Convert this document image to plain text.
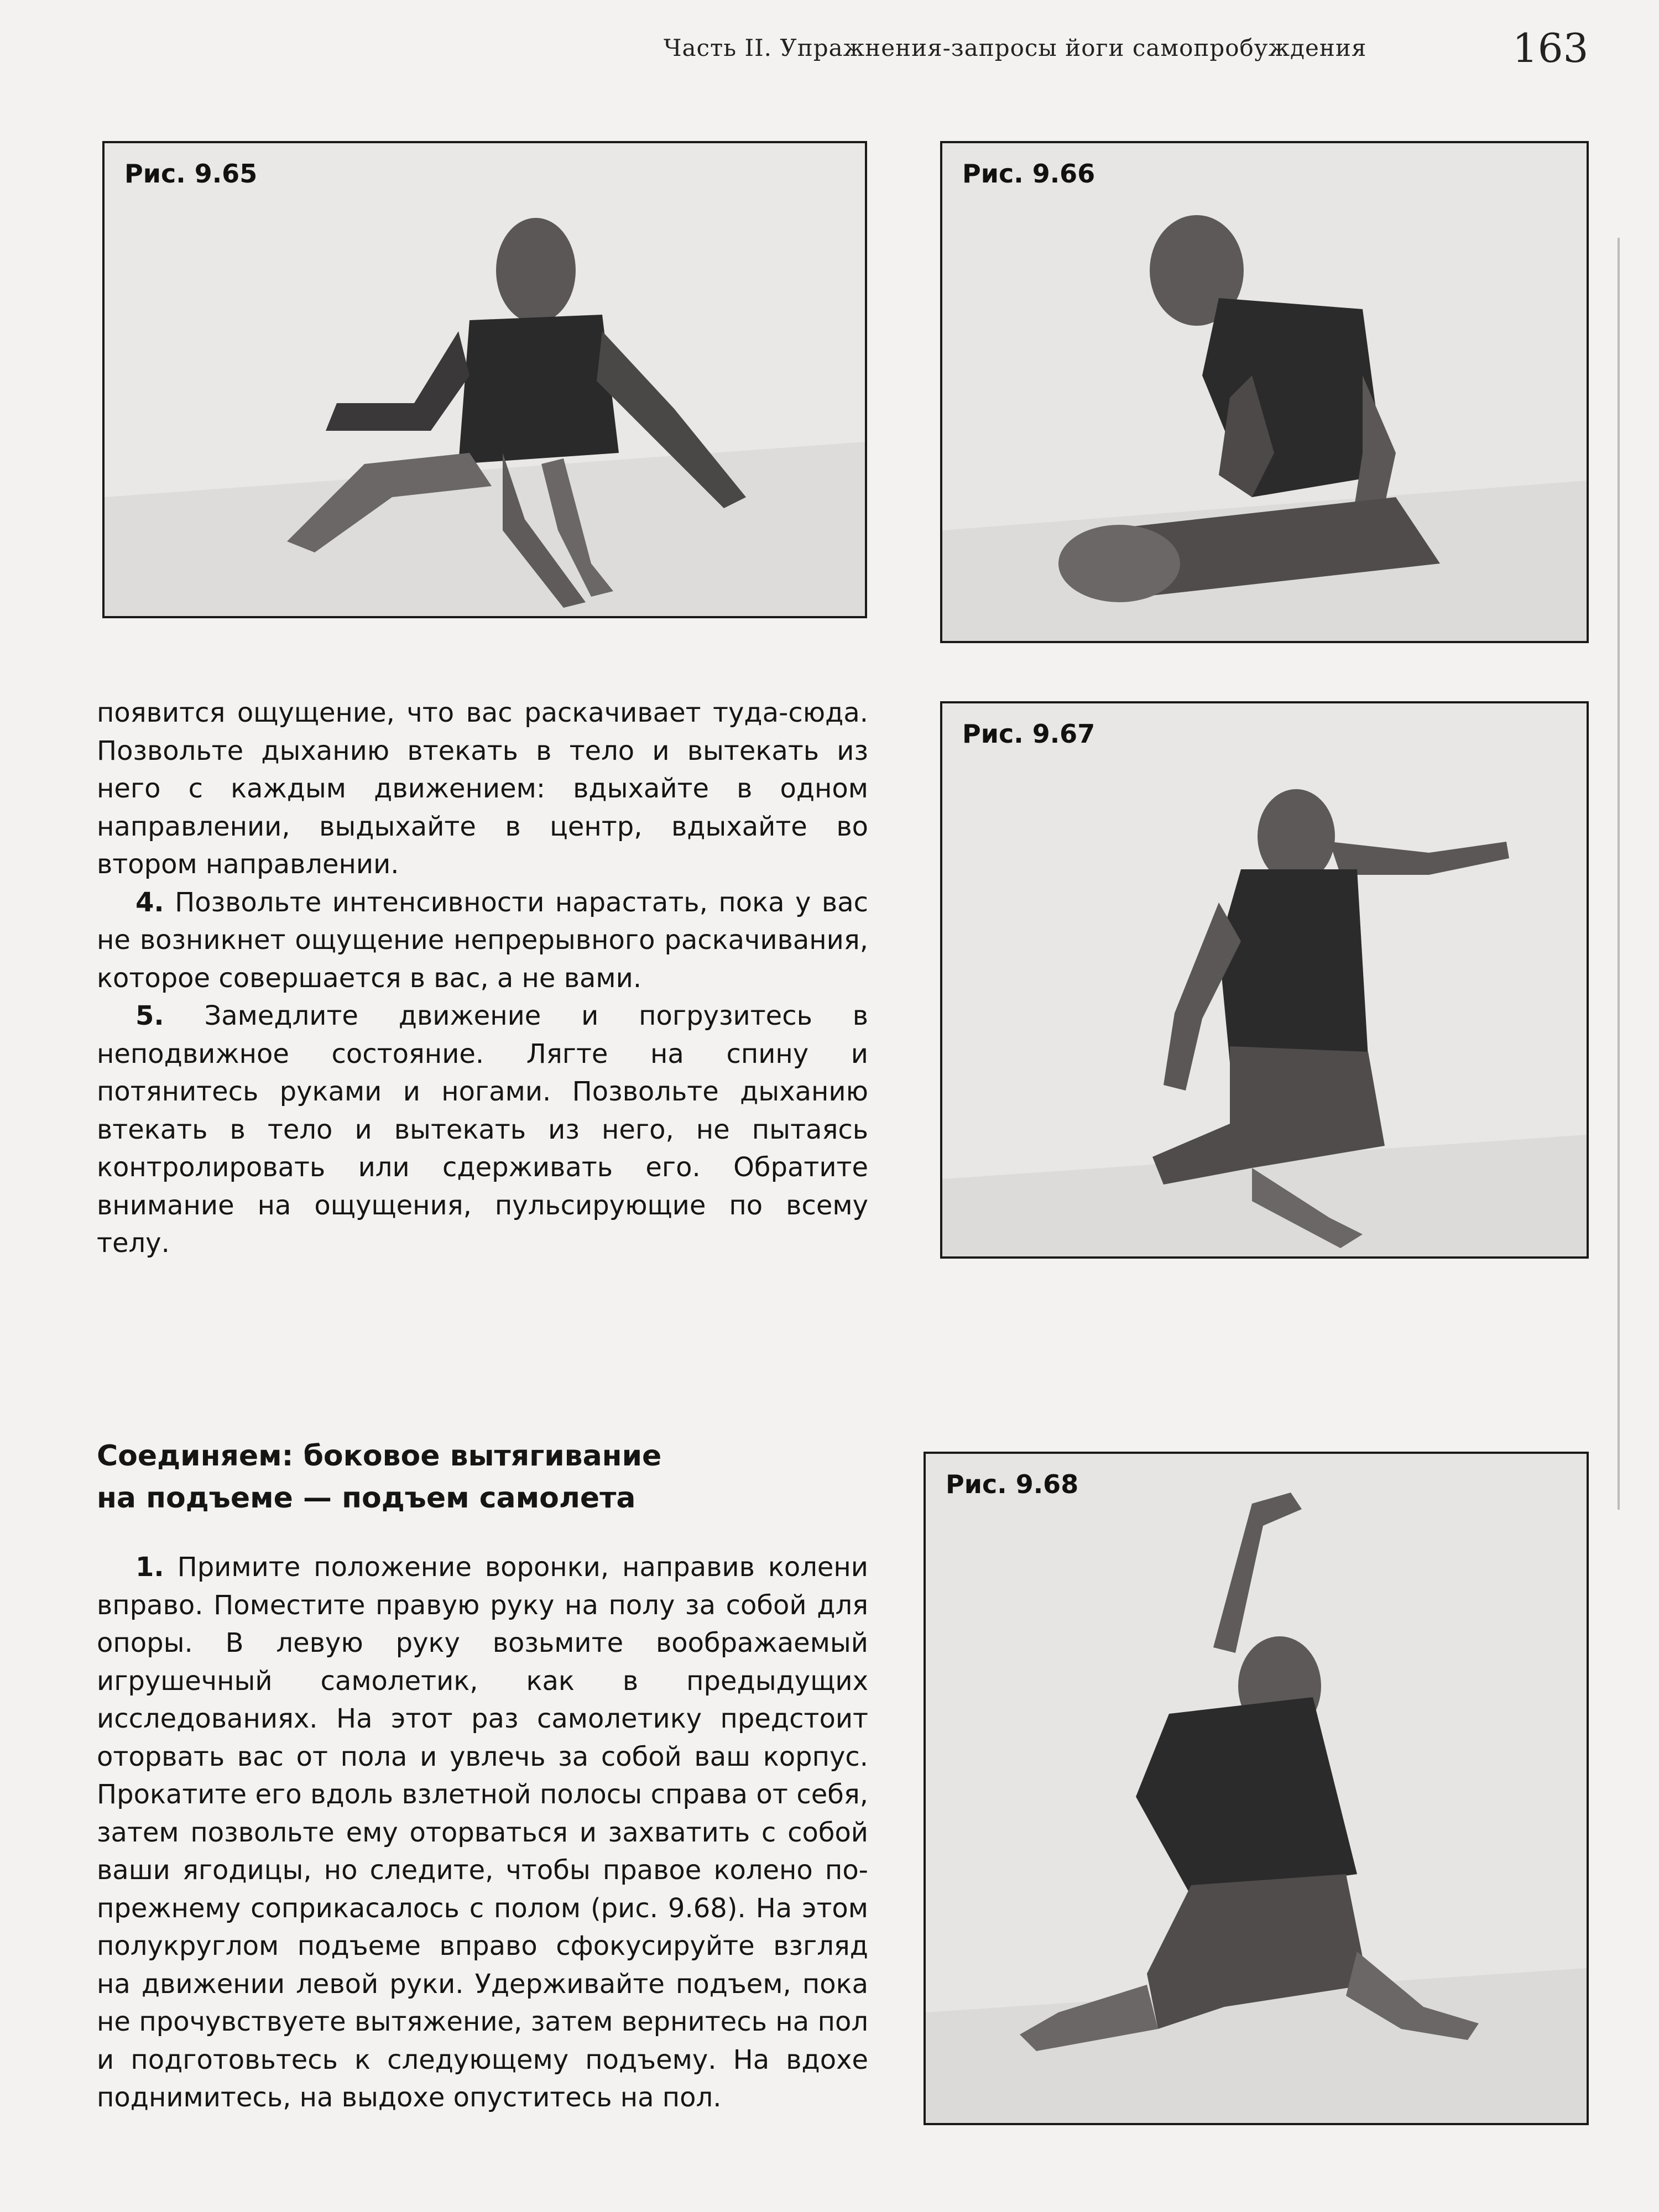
Часть II. Упражнения-запросы йоги самопробуждения	163
Рис. 9.65	Рис. 9.66
Рис. 9.67
Рис. 9.68

появится ощущение, что вас раскачивает туда-сюда. Позвольте дыханию втекать в тело и вытекать из него с каждым движением: вдыхайте в одном направлении, выдыхайте в центр, вдыхайте во втором направлении.

4. Позвольте интенсивности нарастать, пока у вас не возникнет ощущение непрерывного раскачивания, которое совершается в вас, а не вами.

5. Замедлите движение и погрузитесь в неподвижное состояние. Лягте на спину и потянитесь руками и ногами. Позвольте дыханию втекать в тело и вытекать из него, не пытаясь контролировать или сдерживать его. Обратите внимание на ощущения, пульсирующие по всему телу.

Соединяем: боковое вытягивание
на подъеме — подъем самолета

1. Примите положение воронки, направив колени вправо. Поместите правую руку на полу за собой для опоры. В левую руку возьмите воображаемый игрушечный самолетик, как в предыдущих исследованиях. На этот раз самолетику предстоит оторвать вас от пола и увлечь за собой ваш корпус. Прокатите его вдоль взлетной полосы справа от себя, затем позвольте ему оторваться и захватить с собой ваши ягодицы, но следите, чтобы правое колено по-прежнему соприкасалось с полом (рис. 9.68). На этом полукруглом подъеме вправо сфокусируйте взгляд на движении левой руки. Удерживайте подъем, пока не прочувствуете вытяжение, затем вернитесь на пол и подготовьтесь к следующему подъему. На вдохе поднимитесь, на выдохе опуститесь на пол.
